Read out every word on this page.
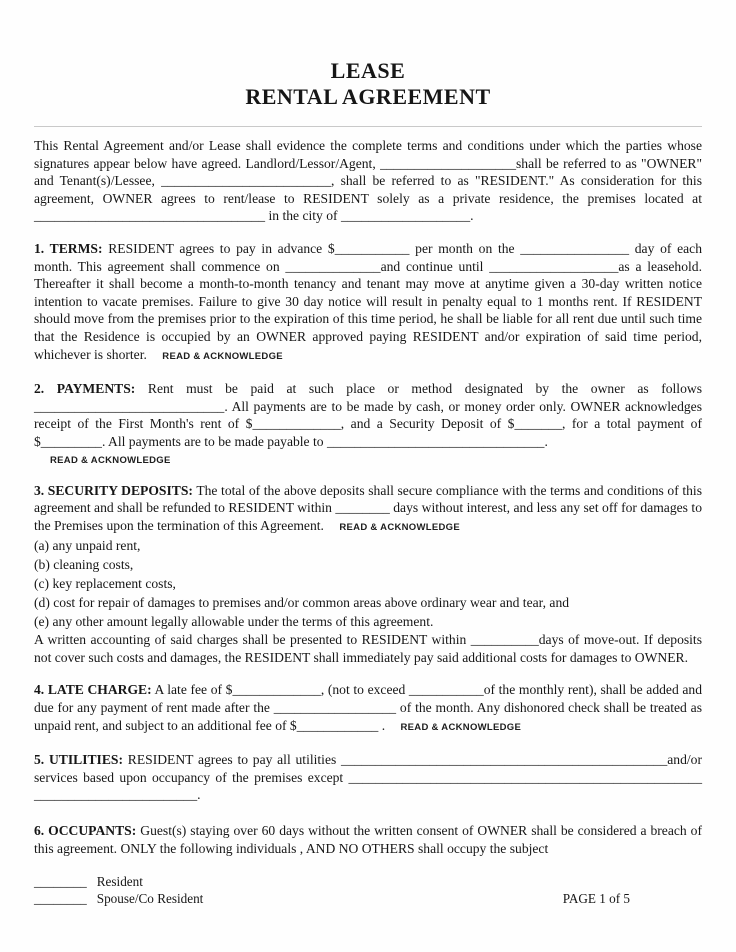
LEASE
RENTAL AGREEMENT

This Rental Agreement and/or Lease shall evidence the complete terms and conditions under which the parties whose signatures appear below have agreed. Landlord/Lessor/Agent, ____________________shall be referred to as "OWNER" and Tenant(s)/Lessee, _________________________, shall be referred to as "RESIDENT." As consideration for this agreement, OWNER agrees to rent/lease to RESIDENT solely as a private residence, the premises located at __________________________________ in the city of ___________________.

1. TERMS: RESIDENT agrees to pay in advance $___________ per month on the ________________ day of each month. This agreement shall commence on ______________and continue until ___________________as a leasehold. Thereafter it shall become a month-to-month tenancy and tenant may move at anytime given a 30-day written notice intention to vacate premises. Failure to give 30 day notice will result in penalty equal to 1 months rent. If RESIDENT should move from the premises prior to the expiration of this time period, he shall be liable for all rent due until such time that the Residence is occupied by an OWNER approved paying RESIDENT and/or expiration of said time period, whichever is shorter. READ & ACKNOWLEDGE

2. PAYMENTS: Rent must be paid at such place or method designated by the owner as follows ____________________________. All payments are to be made by cash, or money order only. OWNER acknowledges receipt of the First Month's rent of $_____________, and a Security Deposit of $_______, for a total payment of $_________. All payments are to be made payable to ________________________________.

READ & ACKNOWLEDGE

3. SECURITY DEPOSITS: The total of the above deposits shall secure compliance with the terms and conditions of this agreement and shall be refunded to RESIDENT within ________ days without interest, and less any set off for damages to the Premises upon the termination of this Agreement. READ & ACKNOWLEDGE

(a) any unpaid rent,
(b) cleaning costs,
(c) key replacement costs,
(d) cost for repair of damages to premises and/or common areas above ordinary wear and tear, and
(e) any other amount legally allowable under the terms of this agreement.

A written accounting of said charges shall be presented to RESIDENT within __________days of move-out. If deposits not cover such costs and damages, the RESIDENT shall immediately pay said additional costs for damages to OWNER.

4. LATE CHARGE: A late fee of $_____________, (not to exceed ___________of the monthly rent), shall be added and due for any payment of rent made after the __________________ of the month. Any dishonored check shall be treated as unpaid rent, and subject to an additional fee of $____________ . READ & ACKNOWLEDGE

5. UTILITIES: RESIDENT agrees to pay all utilities ________________________________________________and/or services based upon occupancy of the premises except ____________________________________________________ ________________________.

6. OCCUPANTS: Guest(s) staying over 60 days without the written consent of OWNER shall be considered a breach of this agreement. ONLY the following individuals , AND NO OTHERS shall occupy the subject

________ Resident
________ Spouse/Co Resident	PAGE 1 of 5
